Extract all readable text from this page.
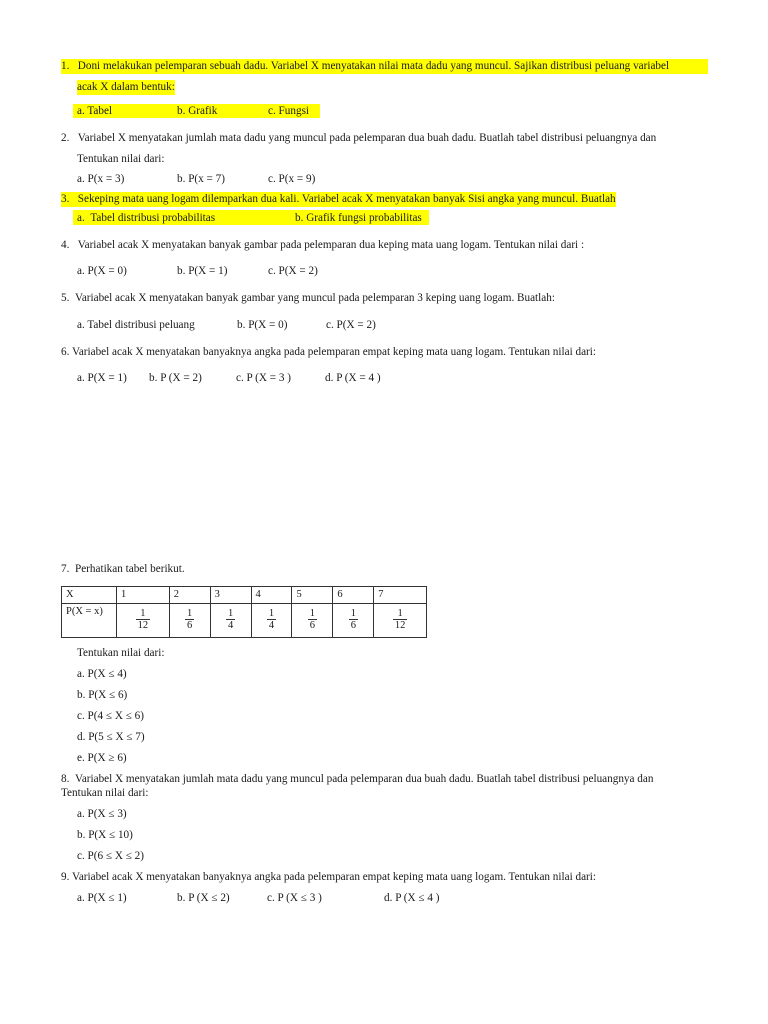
1.   Doni melakukan pelemparan sebuah dadu. Variabel X menyatakan nilai mata dadu yang muncul. Sajikan distribusi peluang variabel
acak X dalam bentuk:
a. Tabel	b. Grafik	c. Fungsi
2.   Variabel X menyatakan jumlah mata dadu yang muncul pada pelemparan dua buah dadu. Buatlah tabel distribusi peluangnya dan
Tentukan nilai dari:
a. P(x = 3)	b. P(x = 7)	c. P(x = 9)
3.   Sekeping mata uang logam dilemparkan dua kali. Variabel acak X menyatakan banyak Sisi angka yang muncul. Buatlah
a.  Tabel distribusi probabilitas	b. Grafik fungsi probabilitas
4.   Variabel acak X menyatakan banyak gambar pada pelemparan dua keping mata uang logam. Tentukan nilai dari :
a. P(X = 0)	b. P(X = 1)	c. P(X = 2)
5.  Variabel acak X menyatakan banyak gambar yang muncul pada pelemparan 3 keping uang logam. Buatlah:
a. Tabel distribusi peluang	b. P(X = 0)	c. P(X = 2)
6. Variabel acak X menyatakan banyaknya angka pada pelemparan empat keping mata uang logam. Tentukan nilai dari:
a. P(X = 1) b. P (X = 2)	c. P (X = 3 )	d. P (X = 4 )
7.  Perhatikan tabel berikut.
X	1	2	3	4	5	6	7
P(X = x)	$\frac{1}{12}$	$\frac{1}{6}$	$\frac{1}{4}$	$\frac{1}{4}$	$\frac{1}{6}$	$\frac{1}{6}$	$\frac{1}{12}$
Tentukan nilai dari:
a. P(X ≤ 4)
b. P(X ≤ 6)
c. P(4 ≤ X ≤ 6)
d. P(5 ≤ X ≤ 7)
e. P(X ≥ 6)
8.  Variabel X menyatakan jumlah mata dadu yang muncul pada pelemparan dua buah dadu. Buatlah tabel distribusi peluangnya dan
Tentukan nilai dari:
a. P(X ≤ 3)
b. P(X ≤ 10)
c. P(6 ≤ X ≤ 2)
9. Variabel acak X menyatakan banyaknya angka pada pelemparan empat keping mata uang logam. Tentukan nilai dari:
a. P(X ≤ 1)	b. P (X ≤ 2)	c. P (X ≤ 3 )	d. P (X ≤ 4 )
